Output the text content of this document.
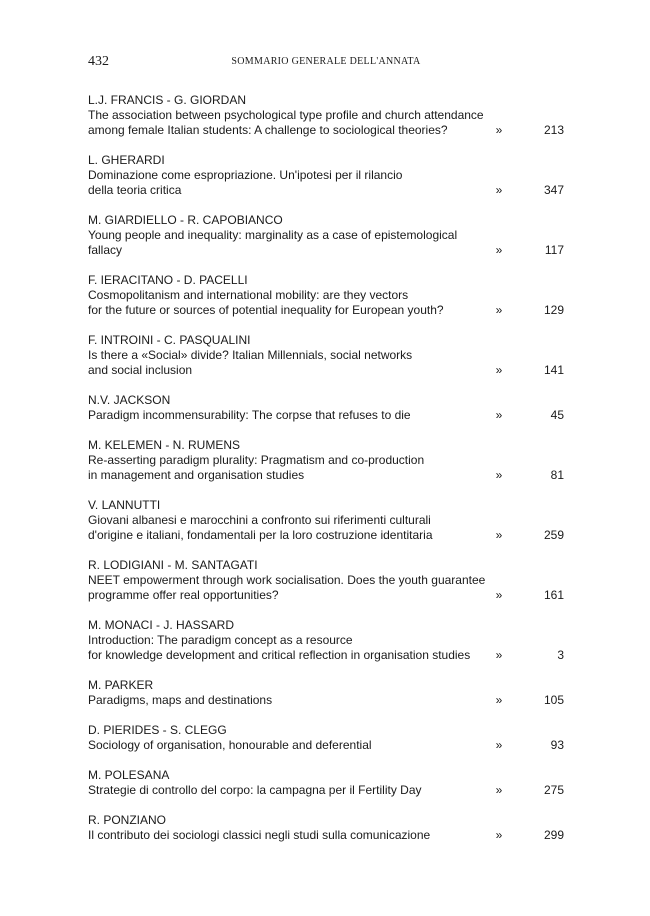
432	SOMMARIO GENERALE DELL'ANNATA
L.J. FRANCIS - G. GIORDAN
The association between psychological type profile and church attendance
among female Italian students: A challenge to sociological theories?	»	213
L. GHERARDI
Dominazione come espropriazione. Un'ipotesi per il rilancio
della teoria critica	»	347
M. GIARDIELLO - R. CAPOBIANCO
Young people and inequality: marginality as a case of epistemological
fallacy	»	117
F. IERACITANO - D. PACELLI
Cosmopolitanism and international mobility: are they vectors
for the future or sources of potential inequality for European youth?	»	129
F. INTROINI - C. PASQUALINI
Is there a «Social» divide? Italian Millennials, social networks
and social inclusion	»	141
N.V. JACKSON
Paradigm incommensurability: The corpse that refuses to die	»	45
M. KELEMEN - N. RUMENS
Re-asserting paradigm plurality: Pragmatism and co-production
in management and organisation studies	»	81
V. LANNUTTI
Giovani albanesi e marocchini a confronto sui riferimenti culturali
d'origine e italiani, fondamentali per la loro costruzione identitaria	»	259
R. LODIGIANI - M. SANTAGATI
NEET empowerment through work socialisation. Does the youth guarantee
programme offer real opportunities?	»	161
M. MONACI - J. HASSARD
Introduction: The paradigm concept as a resource
for knowledge development and critical reflection in organisation studies	»	3
M. PARKER
Paradigms, maps and destinations	»	105
D. PIERIDES - S. CLEGG
Sociology of organisation, honourable and deferential	»	93
M. POLESANA
Strategie di controllo del corpo: la campagna per il Fertility Day	»	275
R. PONZIANO
Il contributo dei sociologi classici negli studi sulla comunicazione	»	299
